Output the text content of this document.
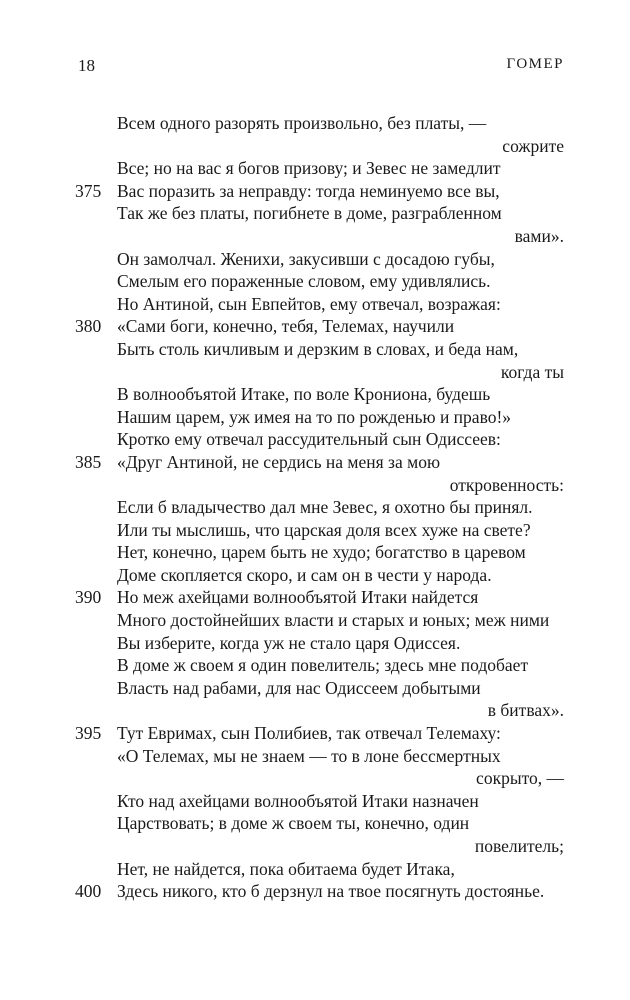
18	ГОМЕР
Всем одного разорять произвольно, без платы, —
сожрите
Все; но на вас я богов призову; и Зевес не замедлит
375 Вас поразить за неправду: тогда неминуемо все вы,
Так же без платы, погибнете в доме, разграбленном
вами».
Он замолчал. Женихи, закусивши с досадою губы,
Смелым его пораженные словом, ему удивлялись.
Но Антиной, сын Евпейтов, ему отвечал, возражая:
380 «Сами боги, конечно, тебя, Телемах, научили
Быть столь кичливым и дерзким в словах, и беда нам,
когда ты
В волнообъятой Итаке, по воле Крониона, будешь
Нашим царем, уж имея на то по рожденью и право!»
Кротко ему отвечал рассудительный сын Одиссеев:
385 «Друг Антиной, не сердись на меня за мою
откровенность:
Если б владычество дал мне Зевес, я охотно бы принял.
Или ты мыслишь, что царская доля всех хуже на свете?
Нет, конечно, царем быть не худо; богатство в царевом
Доме скопляется скоро, и сам он в чести у народа.
390 Но меж ахейцами волнообъятой Итаки найдется
Много достойнейших власти и старых и юных; меж ними
Вы изберите, когда уж не стало царя Одиссея.
В доме ж своем я один повелитель; здесь мне подобает
Власть над рабами, для нас Одиссеем добытыми
в битвах».
395 Тут Евримах, сын Полибиев, так отвечал Телемаху:
«О Телемах, мы не знаем — то в лоне бессмертных
сокрыто, —
Кто над ахейцами волнообъятой Итаки назначен
Царствовать; в доме ж своем ты, конечно, один
повелитель;
Нет, не найдется, пока обитаема будет Итака,
400 Здесь никого, кто б дерзнул на твое посягнуть достоянье.
